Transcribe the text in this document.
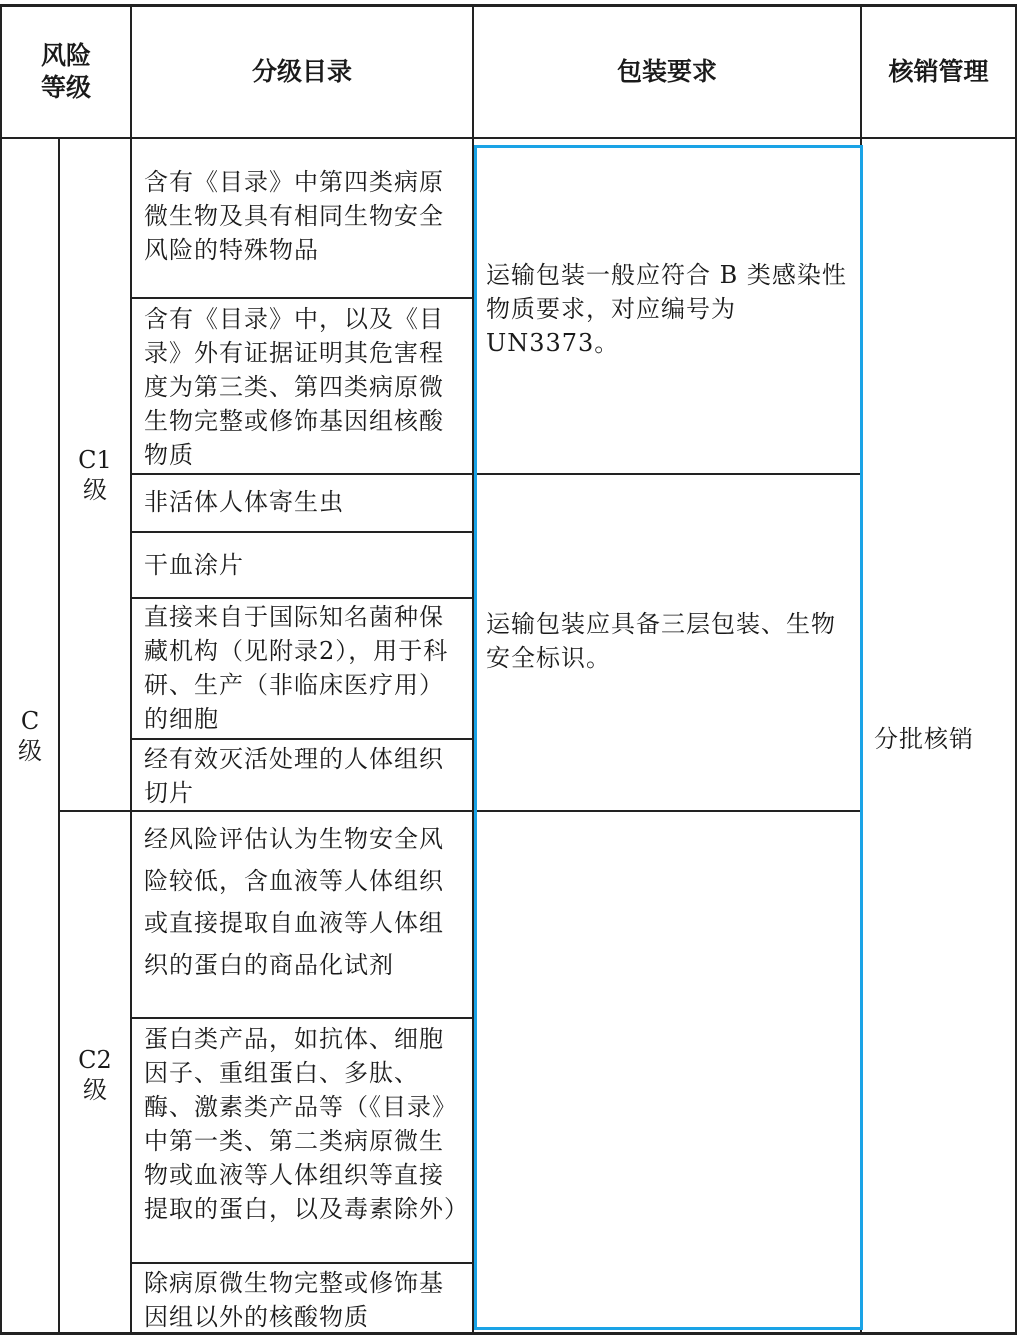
风险
等级
分级目录	包装要求	核销管理
C
级
C1
级
C2
级
含有《目录》中第四类病原微生物及具有相同生物安全风险的特殊物品
含有《目录》中，以及《目录》外有证据证明其危害程度为第三类、第四类病原微生物完整或修饰基因组核酸物质
非活体人体寄生虫
干血涂片
直接来自于国际知名菌种保藏机构（见附录2），用于科研、生产（非临床医疗用）的细胞
经有效灭活处理的人体组织切片
经风险评估认为生物安全风险较低，含血液等人体组织或直接提取自血液等人体组织的蛋白的商品化试剂
蛋白类产品，如抗体、细胞因子、重组蛋白、多肽、酶、激素类产品等（《目录》中第一类、第二类病原微生物或血液等人体组织等直接提取的蛋白，以及毒素除外）
除病原微生物完整或修饰基因组以外的核酸物质
运输包装一般应符合 B 类感染性物质要求，对应编号为 UN3373。
运输包装应具备三层包装、生物安全标识。
分批核销
